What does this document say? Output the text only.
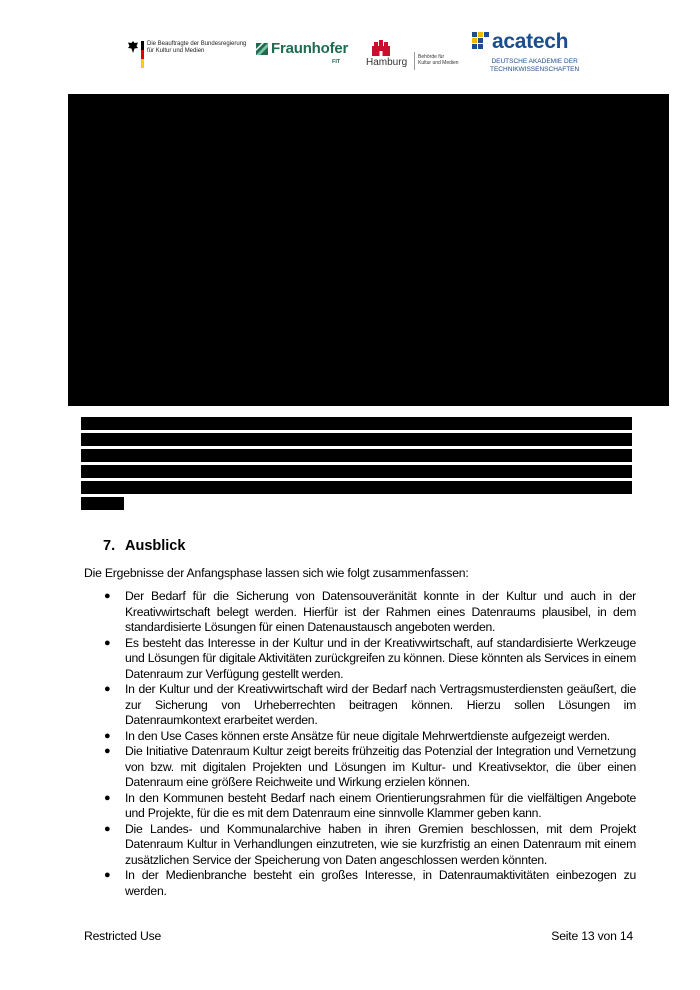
Die Beauftragte der Bundesregierung
für Kultur und Medien	Fraunhofer
FIT	Hamburg Behörde für
Kultur und Medien
acatech
DEUTSCHE AKADEMIE DER
TECHNIKWISSENSCHAFTEN
7. Ausblick
Die Ergebnisse der Anfangsphase lassen sich wie folgt zusammenfassen:
● Der Bedarf für die Sicherung von Datensouveränität konnte in der Kultur und auch in der Kreativwirtschaft belegt werden. Hierfür ist der Rahmen eines Datenraums plausibel, in dem standardisierte Lösungen für einen Datenaustausch angeboten werden.
● Es besteht das Interesse in der Kultur und in der Kreativwirtschaft, auf standardisierte Werkzeuge und Lösungen für digitale Aktivitäten zurückgreifen zu können. Diese könnten als Services in einem Datenraum zur Verfügung gestellt werden.
● In der Kultur und der Kreativwirtschaft wird der Bedarf nach Vertragsmusterdiensten geäußert, die zur Sicherung von Urheberrechten beitragen können. Hierzu sollen Lösungen im Datenraumkontext erarbeitet werden.
● In den Use Cases können erste Ansätze für neue digitale Mehrwertdienste aufgezeigt werden.
● Die Initiative Datenraum Kultur zeigt bereits frühzeitig das Potenzial der Integration und Vernetzung von bzw. mit digitalen Projekten und Lösungen im Kultur- und Kreativsektor, die über einen Datenraum eine größere Reichweite und Wirkung erzielen können.
● In den Kommunen besteht Bedarf nach einem Orientierungsrahmen für die vielfältigen Angebote und Projekte, für die es mit dem Datenraum eine sinnvolle Klammer geben kann.
● Die Landes- und Kommunalarchive haben in ihren Gremien beschlossen, mit dem Projekt Datenraum Kultur in Verhandlungen einzutreten, wie sie kurzfristig an einen Datenraum mit einem zusätzlichen Service der Speicherung von Daten angeschlossen werden könnten.
● In der Medienbranche besteht ein großes Interesse, in Datenraumaktivitäten einbezogen zu werden.
Restricted Use	Seite 13 von 14
